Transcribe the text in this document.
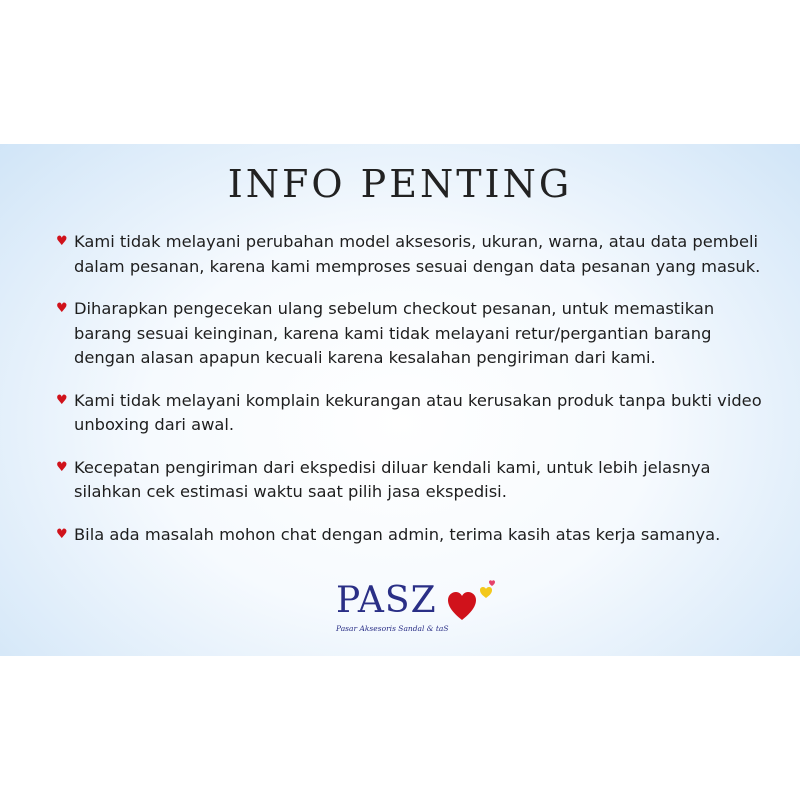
INFO PENTING
♥ Kami tidak melayani perubahan model aksesoris, ukuran, warna, atau data pembeli dalam pesanan, karena kami memproses sesuai dengan data pesanan yang masuk.
♥ Diharapkan pengecekan ulang sebelum checkout pesanan, untuk memastikan barang sesuai keinginan, karena kami tidak melayani retur/pergantian barang dengan alasan apapun kecuali karena kesalahan pengiriman dari kami.
♥ Kami tidak melayani komplain kekurangan atau kerusakan produk tanpa bukti video unboxing dari awal.
♥ Kecepatan pengiriman dari ekspedisi diluar kendali kami, untuk lebih jelasnya silahkan cek estimasi waktu saat pilih jasa ekspedisi.
♥ Bila ada masalah mohon chat dengan admin, terima kasih atas kerja samanya.
PASZ
Pasar Aksesoris Sandal & taS
